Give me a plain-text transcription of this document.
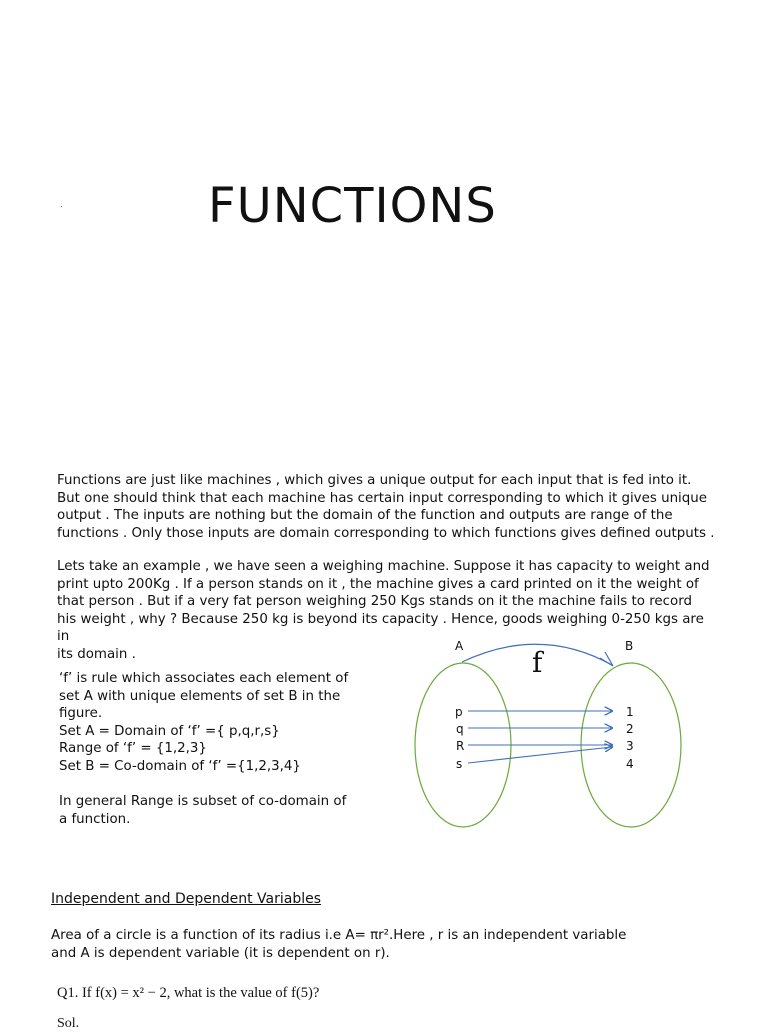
.	FUNCTIONS

Functions are just like machines , which gives a unique output for each input that is fed into it.

But one should think that each machine has certain input corresponding to which it gives unique

output . The inputs are nothing but the domain of the function and outputs are range of the

functions . Only those inputs are domain corresponding to which functions gives defined outputs .

Lets take an example , we have seen a weighing machine. Suppose it has capacity to weight and

print upto 200Kg . If a person stands on it , the machine gives a card printed on it the weight of

that person . But if a very fat person weighing 250 Kgs stands on it the machine fails to record

his weight , why ? Because 250 kg is beyond its capacity . Hence, goods weighing 0-250 kgs are in

its domain .

‘f’ is rule which associates each element of
set A with unique elements of set B in the
figure.
Set A = Domain of ‘f’ ={ p,q,r,s}
Range of ‘f’ = {1,2,3}
Set B = Co-domain of ‘f’ ={1,2,3,4}
In general Range is subset of co-domain of
a function.
A	B
f
p
q
R
s
1
2
3
4
Independent and Dependent Variables
Area of a circle is a function of its radius i.e A= πr².Here , r is an independent variable
and A is dependent variable (it is dependent on r).
Q1. If f(x) = x² − 2, what is the value of f(5)?
Sol.
